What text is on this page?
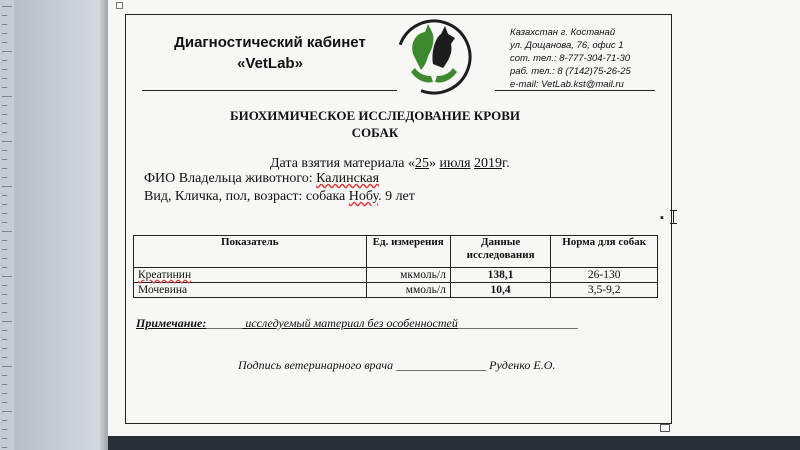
Диагностический кабинет
«VetLab»
Казахстан г. Костанай
ул. Дощанова, 76, офис 1
сот. тел.: 8-777-304-71-30
раб. тел.: 8 (7142)75-26-25
e-mail: VetLab.kst@mail.ru
БИОХИМИЧЕСКОЕ ИССЛЕДОВАНИЕ КРОВИ
СОБАК
Дата взятия материала «25» июля 2019г.
ФИО Владельца животного: Калинская
Вид, Кличка, пол, возраст: собака Нобу. 9 лет
▪
Показатель	Ед. измерения	Данные исследования	Норма для собак
Креатинин	мкмоль/л	138,1	26-130
Мочевина	ммоль/л	10,4	3,5-9,2
Примечание:______ исследуемый материал без особенностей____________________
Подпись ветеринарного врача _______________ Руденко Е.О.
